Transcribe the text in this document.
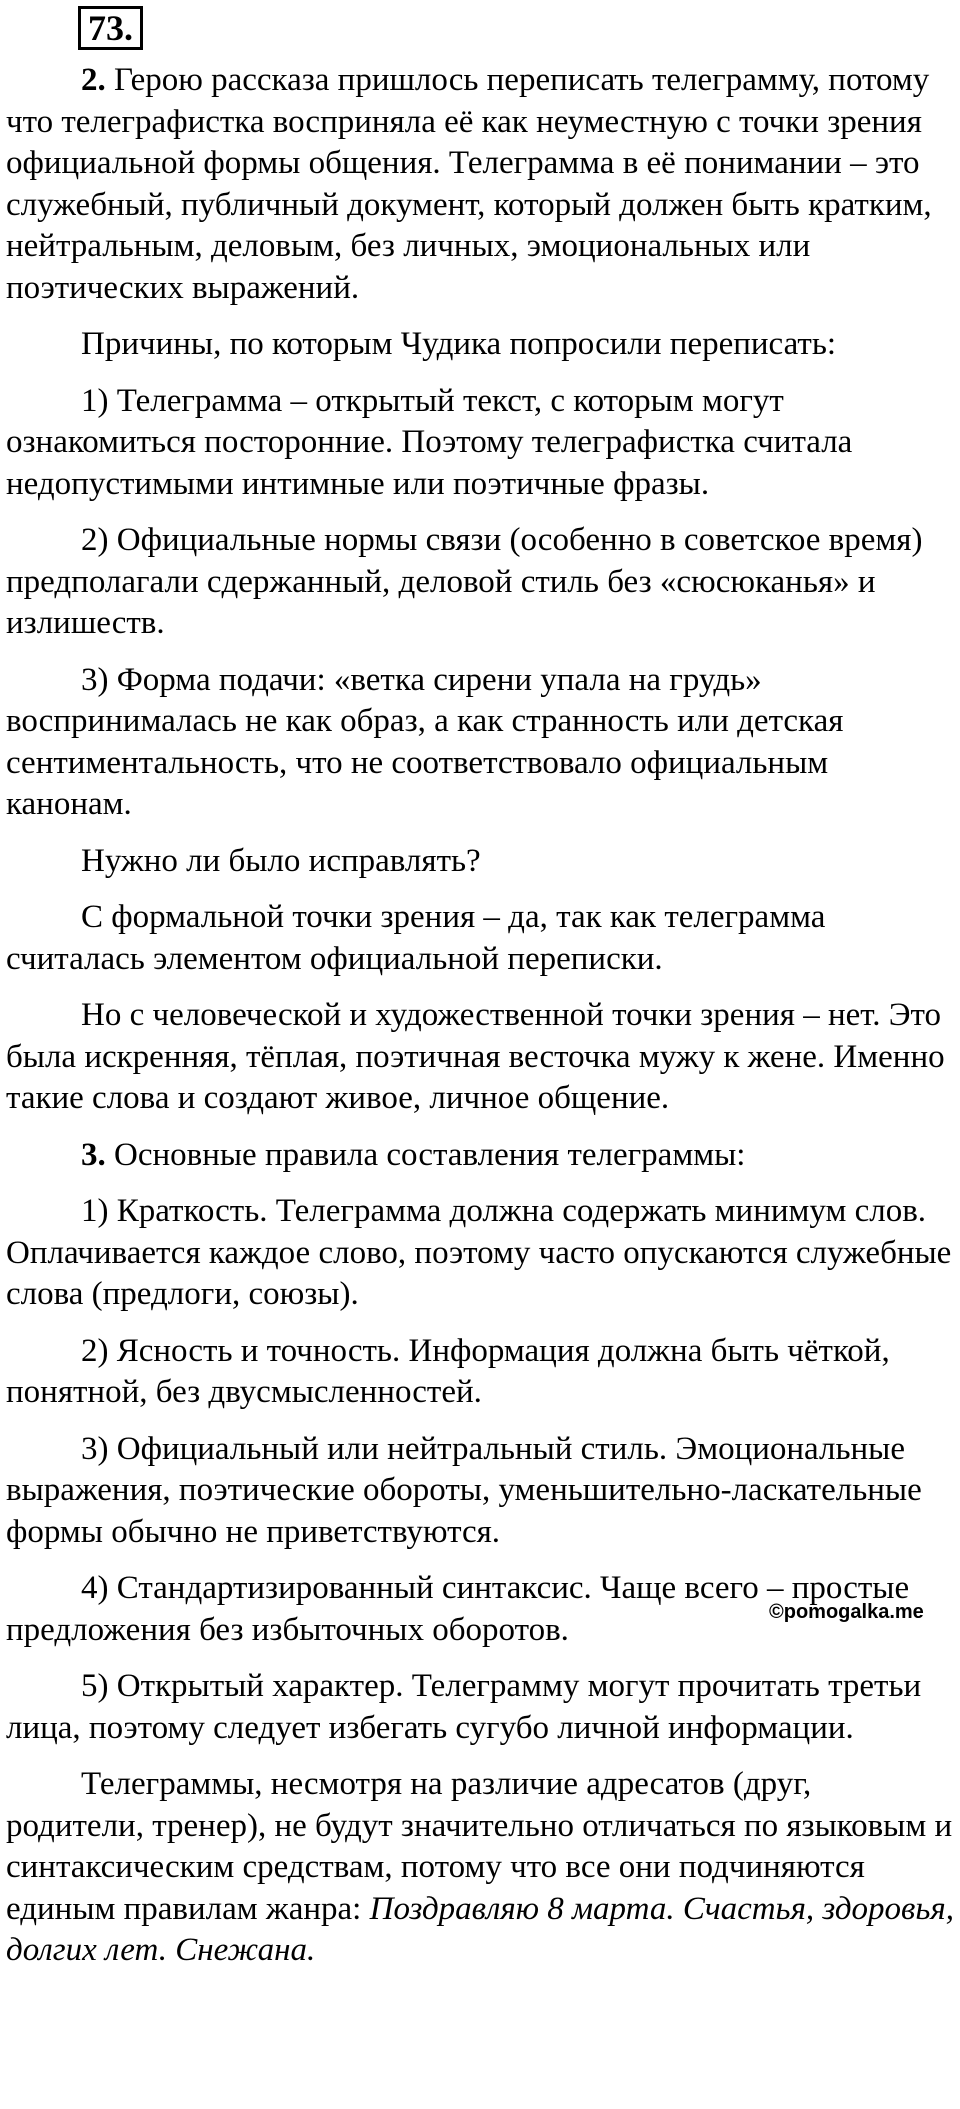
73.

2. Герою рассказа пришлось переписать телеграмму, потому что телеграфистка восприняла её как неуместную с точки зрения официальной формы общения. Телеграмма в её понимании – это служебный, публичный документ, который должен быть кратким, нейтральным, деловым, без личных, эмоциональных или поэтических выражений.

Причины, по которым Чудика попросили переписать:

1) Телеграмма – открытый текст, с которым могут ознакомиться посторонние. Поэтому телеграфистка считала недопустимыми интимные или поэтичные фразы.

2) Официальные нормы связи (особенно в советское время) предполагали сдержанный, деловой стиль без «сюсюканья» и излишеств.

3) Форма подачи: «ветка сирени упала на грудь» воспринималась не как образ, а как странность или детская сентиментальность, что не соответствовало официальным канонам.

Нужно ли было исправлять?

С формальной точки зрения – да, так как телеграмма считалась элементом официальной переписки.

Но с человеческой и художественной точки зрения – нет. Это была искренняя, тёплая, поэтичная весточка мужу к жене. Именно такие слова и создают живое, личное общение.

3. Основные правила составления телеграммы:

1) Краткость. Телеграмма должна содержать минимум слов. Оплачивается каждое слово, поэтому часто опускаются служебные слова (предлоги, союзы).

2) Ясность и точность. Информация должна быть чёткой, понятной, без двусмысленностей.

3) Официальный или нейтральный стиль. Эмоциональные выражения, поэтические обороты, уменьшительно-ласкательные формы обычно не приветствуются.

4) Стандартизированный синтаксис. Чаще всего – простые предложения без избыточных оборотов.

5) Открытый характер. Телеграмму могут прочитать третьи лица, поэтому следует избегать сугубо личной информации.

Телеграммы, несмотря на различие адресатов (друг, родители, тренер), не будут значительно отличаться по языковым и синтаксическим средствам, потому что все они подчиняются единым правилам жанра: Поздравляю 8 марта. Счастья, здоровья, долгих лет. Снежана.

©pomogalka.me
